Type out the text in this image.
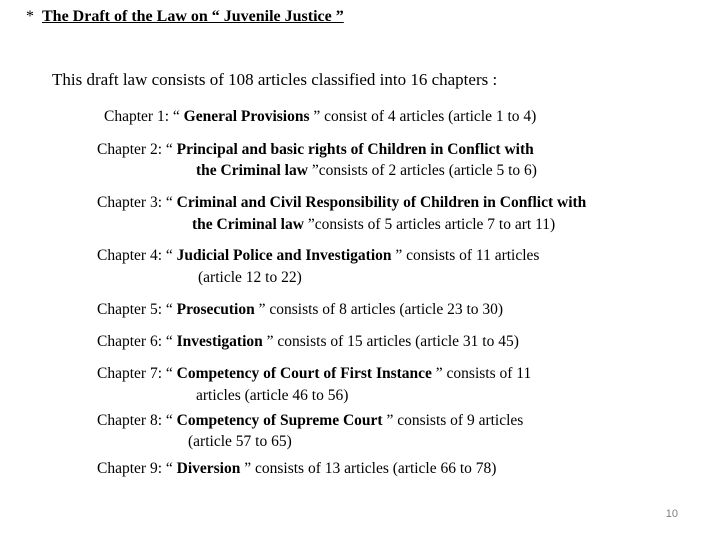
* The Draft of the Law on “ Juvenile Justice ”
This draft law consists of 108 articles classified into 16 chapters :
Chapter 1: “ General Provisions ” consist of 4 articles (article 1 to 4)
Chapter 2: “ Principal and basic rights of Children in Conflict with
the Criminal law ”consists of 2 articles (article 5 to 6)
Chapter 3: “ Criminal and Civil Responsibility of Children in Conflict with
the Criminal law ”consists of 5 articles article 7 to art 11)
Chapter 4: “ Judicial Police and Investigation ” consists of 11 articles
(article 12 to 22)
Chapter 5: “ Prosecution ” consists of 8 articles (article 23 to 30)
Chapter 6: “ Investigation ” consists of 15 articles (article 31 to 45)
Chapter 7: “ Competency of Court of First Instance ” consists of 11
articles (article 46 to 56)
Chapter 8: “ Competency of Supreme Court ” consists of 9 articles
(article 57 to 65)
Chapter 9: “ Diversion ” consists of 13 articles (article 66 to 78)
10
